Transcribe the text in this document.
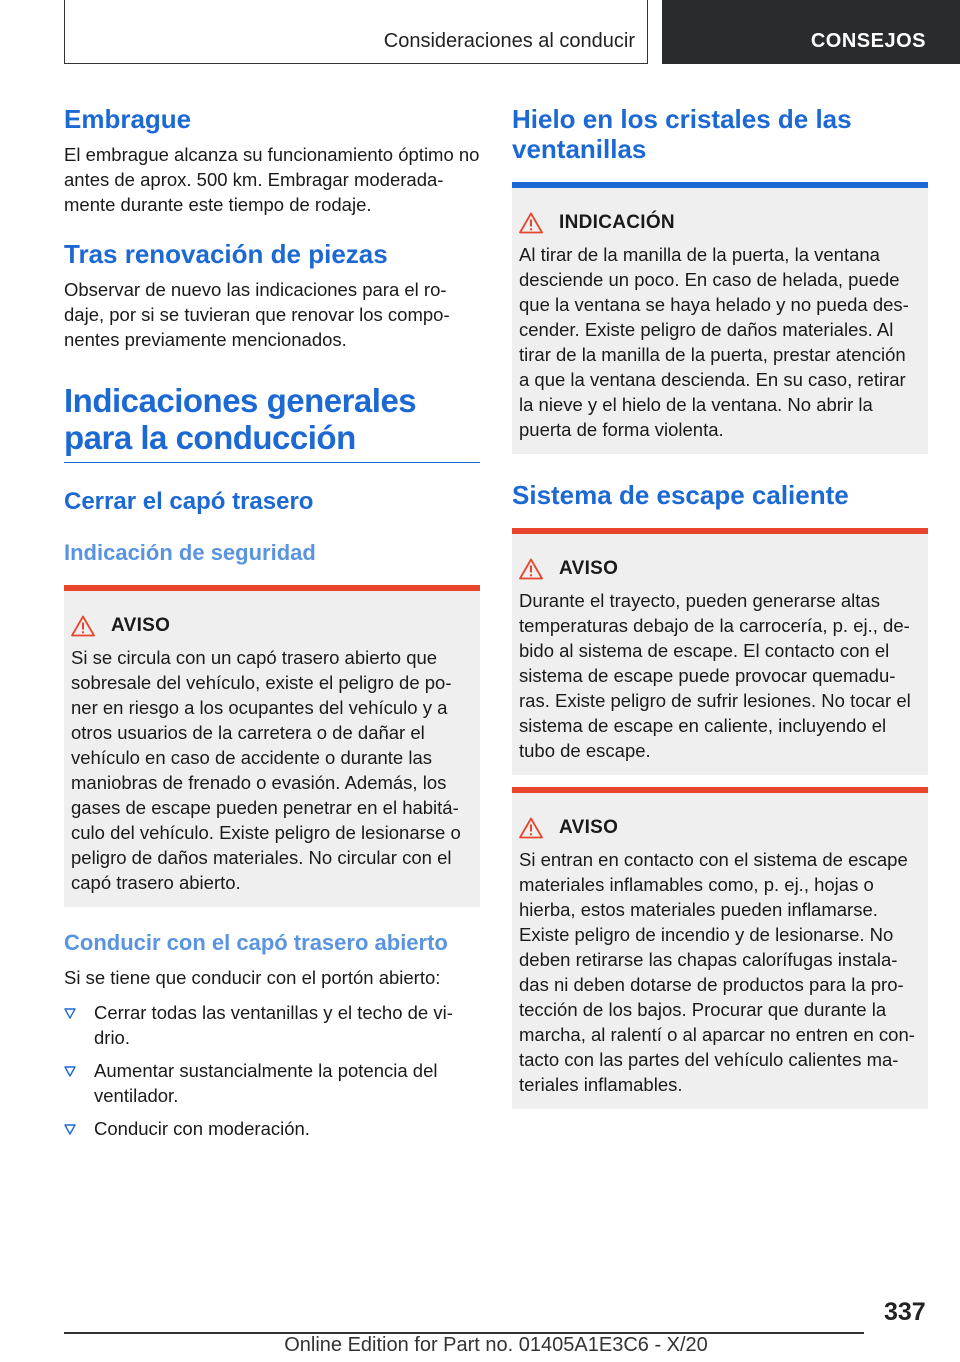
Consideraciones al conducir	CONSEJOS
Embrague

El embrague alcanza su funcionamiento óptimo no antes de aprox. 500 km. Embragar moderada‐mente durante este tiempo de rodaje.

Tras renovación de piezas

Observar de nuevo las indicaciones para el ro‐daje, por si se tuvieran que renovar los compo‐nentes previamente mencionados.

Indicaciones generales
para la conducción
Cerrar el capó trasero
Indicación de seguridad
AVISO

Si se circula con un capó trasero abierto que sobresale del vehículo, existe el peligro de po‐ner en riesgo a los ocupantes del vehículo y a otros usuarios de la carretera o de dañar el vehículo en caso de accidente o durante las maniobras de frenado o evasión. Además, los gases de escape pueden penetrar en el habitá‐culo del vehículo. Existe peligro de lesionarse o peligro de daños materiales. No circular con el capó trasero abierto.

Conducir con el capó trasero abierto

Si se tiene que conducir con el portón abierto:

Cerrar todas las ventanillas y el techo de vi‐drio.

Aumentar sustancialmente la potencia del ventilador.

Conducir con moderación.

Hielo en los cristales de las ventanillas
INDICACIÓN

Al tirar de la manilla de la puerta, la ventana desciende un poco. En caso de helada, puede que la ventana se haya helado y no pueda des‐cender. Existe peligro de daños materiales. Al tirar de la manilla de la puerta, prestar atención a que la ventana descienda. En su caso, retirar la nieve y el hielo de la ventana. No abrir la puerta de forma violenta.

Sistema de escape caliente
AVISO

Durante el trayecto, pueden generarse altas temperaturas debajo de la carrocería, p. ej., de‐bido al sistema de escape. El contacto con el sistema de escape puede provocar quemadu‐ras. Existe peligro de sufrir lesiones. No tocar el sistema de escape en caliente, incluyendo el tubo de escape.

AVISO

Si entran en contacto con el sistema de escape materiales inflamables como, p. ej., hojas o hierba, estos materiales pueden inflamarse. Existe peligro de incendio y de lesionarse. No deben retirarse las chapas calorífugas instala‐das ni deben dotarse de productos para la pro‐tección de los bajos. Procurar que durante la marcha, al ralentí o al aparcar no entren en con‐tacto con las partes del vehículo calientes ma‐teriales inflamables.

337
Online Edition for Part no. 01405A1E3C6 - X/20
